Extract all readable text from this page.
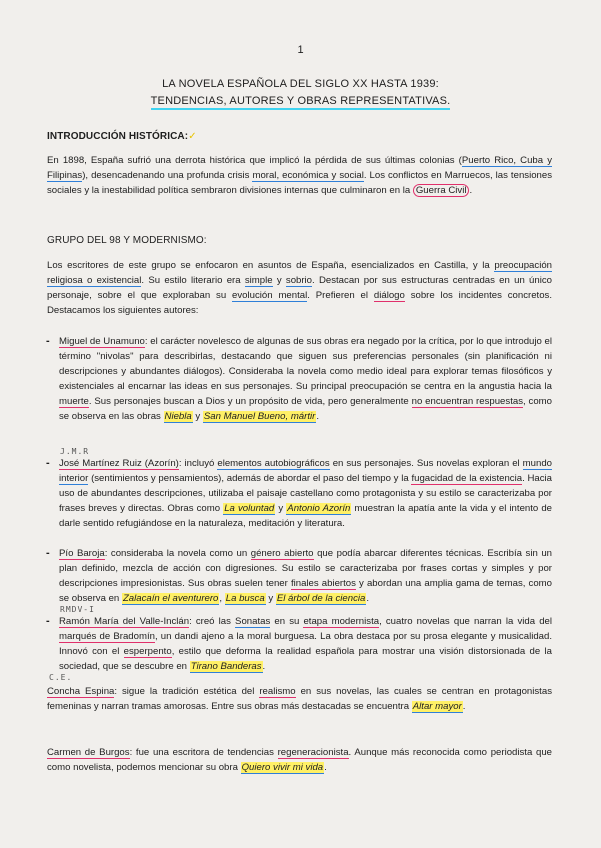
1
LA NOVELA ESPAÑOLA DEL SIGLO XX HASTA 1939:
TENDENCIAS, AUTORES Y OBRAS REPRESENTATIVAS.
INTRODUCCIÓN HISTÓRICA:✓
En 1898, España sufrió una derrota histórica que implicó la pérdida de sus últimas colonias (Puerto Rico, Cuba y Filipinas), desencadenando una profunda crisis moral, económica y social. Los conflictos en Marruecos, las tensiones sociales y la inestabilidad política sembraron divisiones internas que culminaron en la Guerra Civil .
GRUPO DEL 98 Y MODERNISMO:
Los escritores de este grupo se enfocaron en asuntos de España, esencializados en Castilla, y la preocupación religiosa o existencial. Su estilo literario era simple y sobrio. Destacan por sus estructuras centradas en un único personaje, sobre el que exploraban su evolución mental. Prefieren el diálogo sobre los incidentes concretos. Destacamos los siguientes autores:
- Miguel de Unamuno: el carácter novelesco de algunas de sus obras era negado por la crítica, por lo que introdujo el término "nivolas" para describirlas, destacando que siguen sus preferencias personales (sin planificación ni descripciones y abundantes diálogos). Consideraba la novela como medio ideal para explorar temas filosóficos y existenciales al encarnar las ideas en sus personajes. Su principal preocupación se centra en la angustia hacia la muerte. Sus personajes buscan a Dios y un propósito de vida, pero generalmente no encuentran respuestas, como se observa en las obras Niebla y San Manuel Bueno, mártir.
J.M.R
- José Martínez Ruiz (Azorín): incluyó elementos autobiográficos en sus personajes. Sus novelas exploran el mundo interior (sentimientos y pensamientos), además de abordar el paso del tiempo y la fugacidad de la existencia. Hacia uso de abundantes descripciones, utilizaba el paisaje castellano como protagonista y su estilo se caracterizaba por frases breves y directas. Obras como La voluntad y Antonio Azorín muestran la apatía ante la vida y el intento de darle sentido refugiándose en la naturaleza, meditación y literatura.
- Pío Baroja: consideraba la novela como un género abierto que podía abarcar diferentes técnicas. Escribía sin un plan definido, mezcla de acción con digresiones. Su estilo se caracterizaba por frases cortas y simples y por descripciones impresionistas. Sus obras suelen tener finales abiertos y abordan una amplia gama de temas, como se observa en Zalacaín el aventurero, La busca y El árbol de la ciencia.
RMDV-I
- Ramón María del Valle-Inclán: creó las Sonatas en su etapa modernista, cuatro novelas que narran la vida del marqués de Bradomín, un dandi ajeno a la moral burguesa. La obra destaca por su prosa elegante y musicalidad. Innovó con el esperpento, estilo que deforma la realidad española para mostrar una visión distorsionada de la sociedad, que se descubre en Tirano Banderas.
C.E.
Concha Espina: sigue la tradición estética del realismo en sus novelas, las cuales se centran en protagonistas femeninas y narran tramas amorosas. Entre sus obras más destacadas se encuentra Altar mayor.
Carmen de Burgos: fue una escritora de tendencias regeneracionista. Aunque más reconocida como periodista que como novelista, podemos mencionar su obra Quiero vivir mi vida.
